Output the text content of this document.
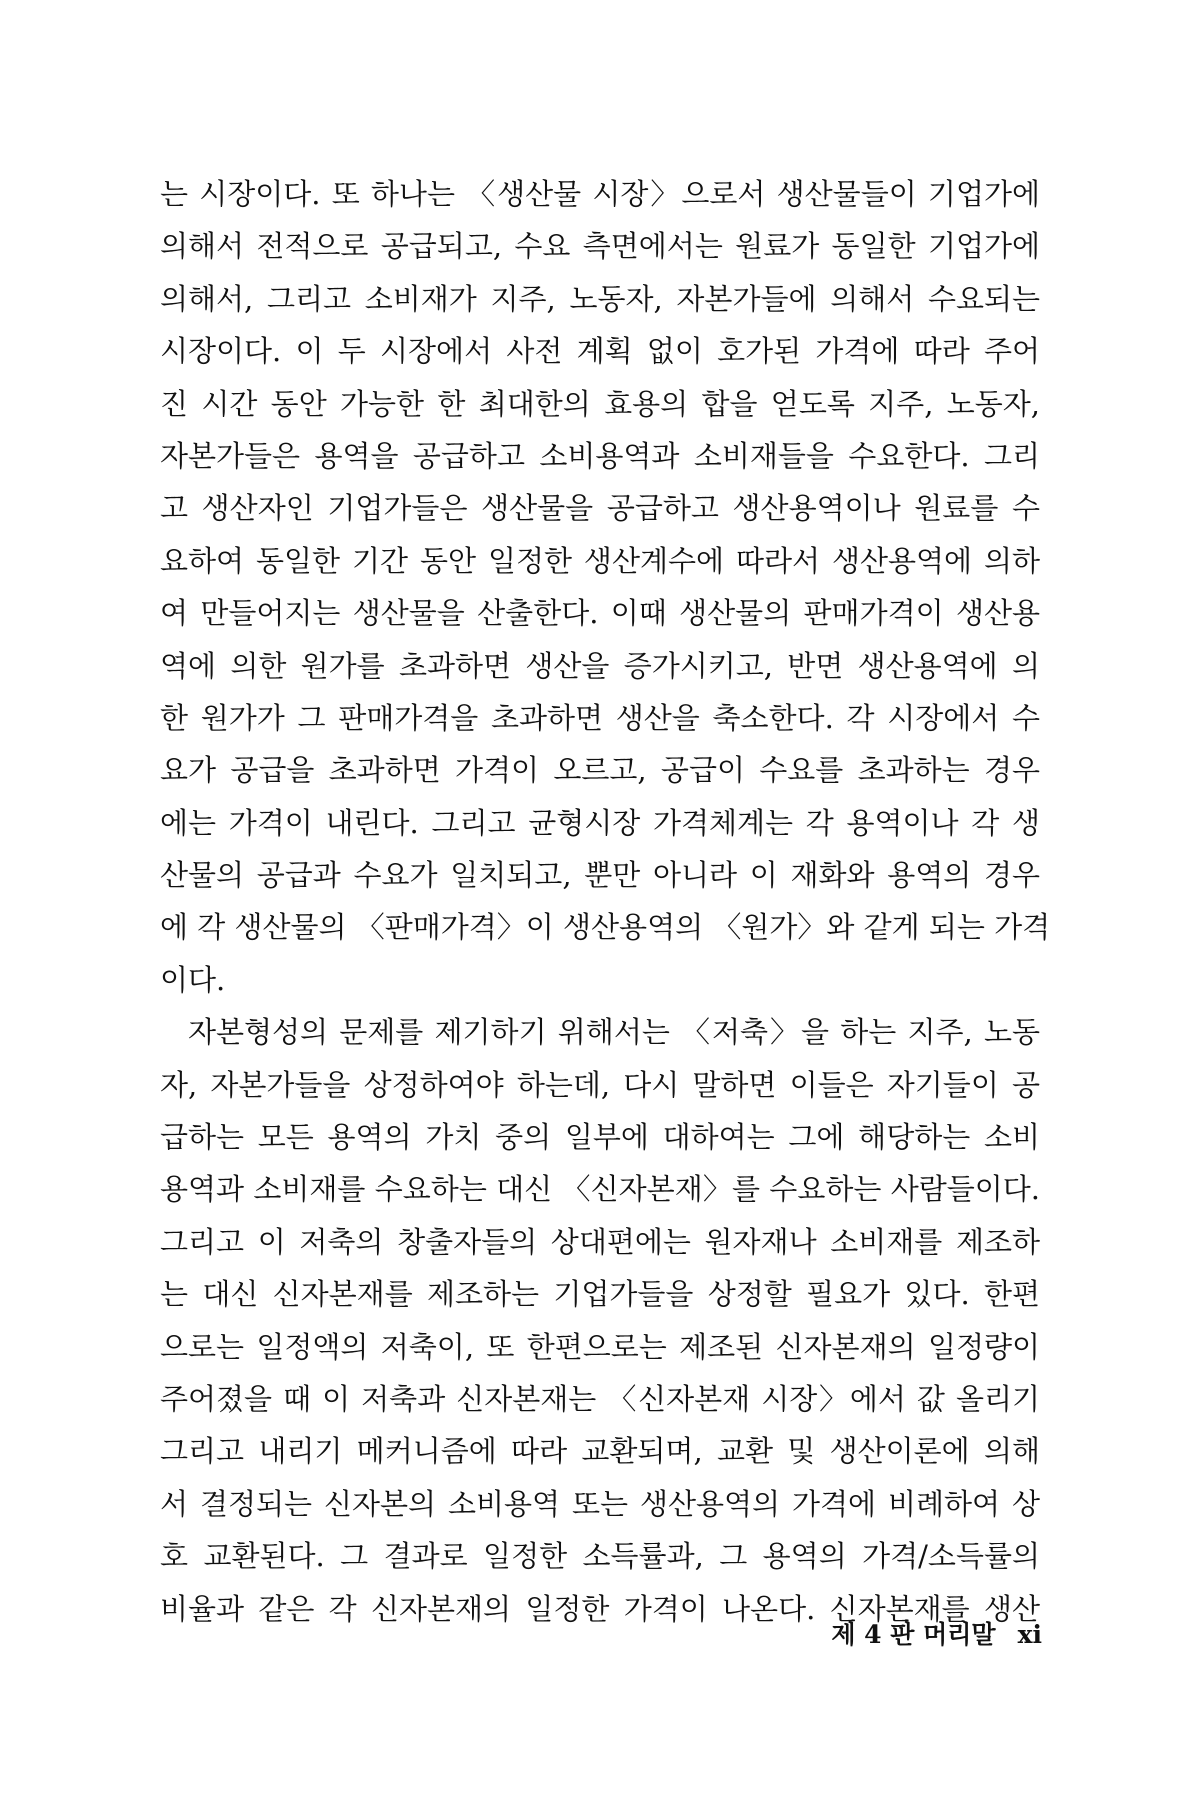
는 시장이다. 또 하나는 〈생산물 시장〉으로서 생산물들이 기업가에
의해서 전적으로 공급되고, 수요 측면에서는 원료가 동일한 기업가에
의해서, 그리고 소비재가 지주, 노동자, 자본가들에 의해서 수요되는
시장이다. 이 두 시장에서 사전 계획 없이 호가된 가격에 따라 주어
진 시간 동안 가능한 한 최대한의 효용의 합을 얻도록 지주, 노동자,
자본가들은 용역을 공급하고 소비용역과 소비재들을 수요한다. 그리
고 생산자인 기업가들은 생산물을 공급하고 생산용역이나 원료를 수
요하여 동일한 기간 동안 일정한 생산계수에 따라서 생산용역에 의하
여 만들어지는 생산물을 산출한다. 이때 생산물의 판매가격이 생산용
역에 의한 원가를 초과하면 생산을 증가시키고, 반면 생산용역에 의
한 원가가 그 판매가격을 초과하면 생산을 축소한다. 각 시장에서 수
요가 공급을 초과하면 가격이 오르고, 공급이 수요를 초과하는 경우
에는 가격이 내린다. 그리고 균형시장 가격체계는 각 용역이나 각 생
산물의 공급과 수요가 일치되고, 뿐만 아니라 이 재화와 용역의 경우
에 각 생산물의 〈판매가격〉이 생산용역의 〈원가〉와 같게 되는 가격
이다.
자본형성의 문제를 제기하기 위해서는 〈저축〉을 하는 지주, 노동
자, 자본가들을 상정하여야 하는데, 다시 말하면 이들은 자기들이 공
급하는 모든 용역의 가치 중의 일부에 대하여는 그에 해당하는 소비
용역과 소비재를 수요하는 대신 〈신자본재〉를 수요하는 사람들이다.
그리고 이 저축의 창출자들의 상대편에는 원자재나 소비재를 제조하
는 대신 신자본재를 제조하는 기업가들을 상정할 필요가 있다. 한편
으로는 일정액의 저축이, 또 한편으로는 제조된 신자본재의 일정량이
주어졌을 때 이 저축과 신자본재는 〈신자본재 시장〉에서 값 올리기
그리고 내리기 메커니즘에 따라 교환되며, 교환 및 생산이론에 의해
서 결정되는 신자본의 소비용역 또는 생산용역의 가격에 비례하여 상
호 교환된다. 그 결과로 일정한 소득률과, 그 용역의 가격/소득률의
비율과 같은 각 신자본재의 일정한 가격이 나온다. 신자본재를 생산
제 4 판 머리말 xi
